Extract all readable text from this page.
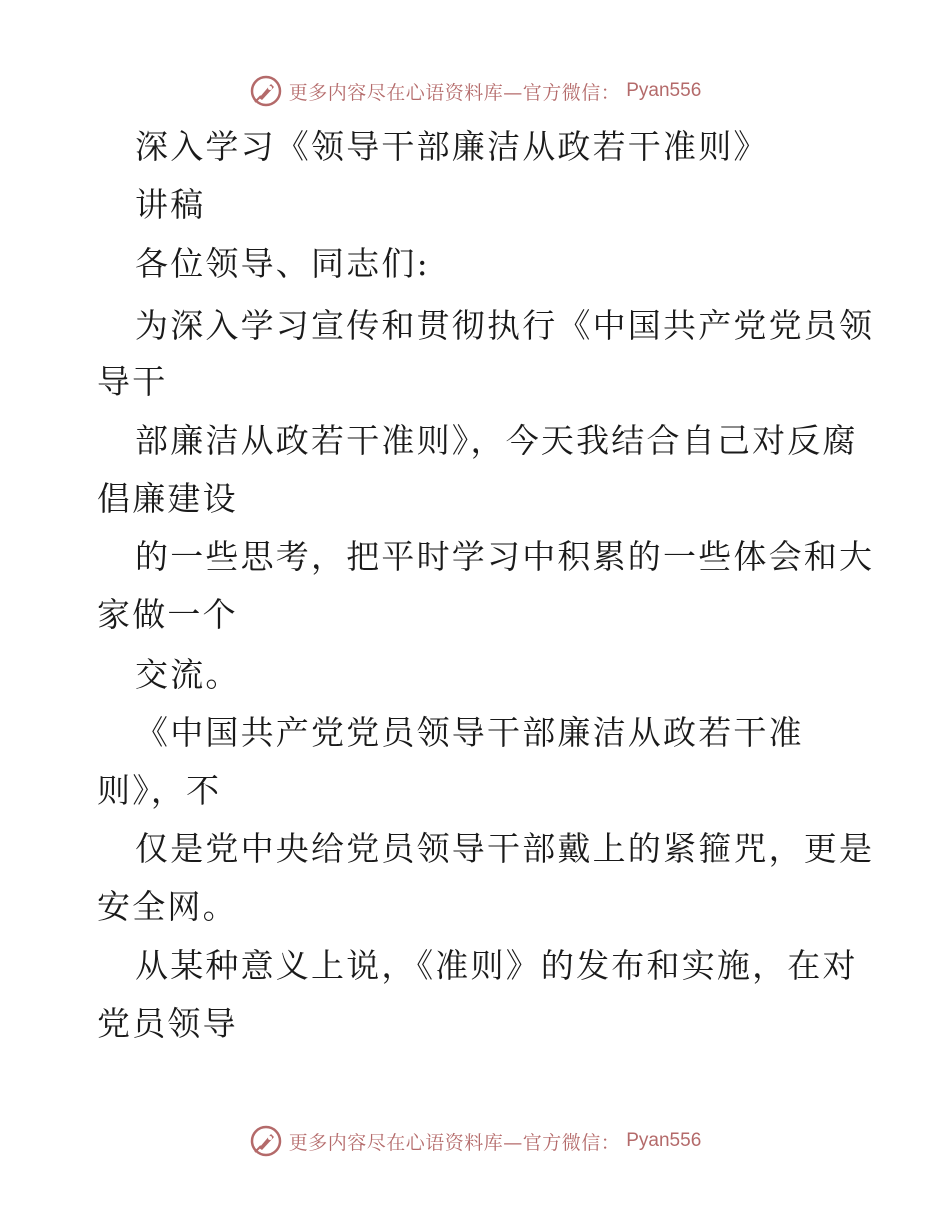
更多内容尽在心语资料库—官方微信： Pyan556
深入学习《领导干部廉洁从政若干准则》
讲稿
各位领导、同志们:
为深入学习宣传和贯彻执行《中国共产党党员领
导干
部廉洁从政若干准则》，今天我结合自己对反腐
倡廉建设
的一些思考，把平时学习中积累的一些体会和大
家做一个
交流。
《中国共产党党员领导干部廉洁从政若干准
则》，不
仅是党中央给党员领导干部戴上的紧箍咒，更是
安全网。
从某种意义上说，《准则》的发布和实施，在对
党员领导
更多内容尽在心语资料库—官方微信： Pyan556
